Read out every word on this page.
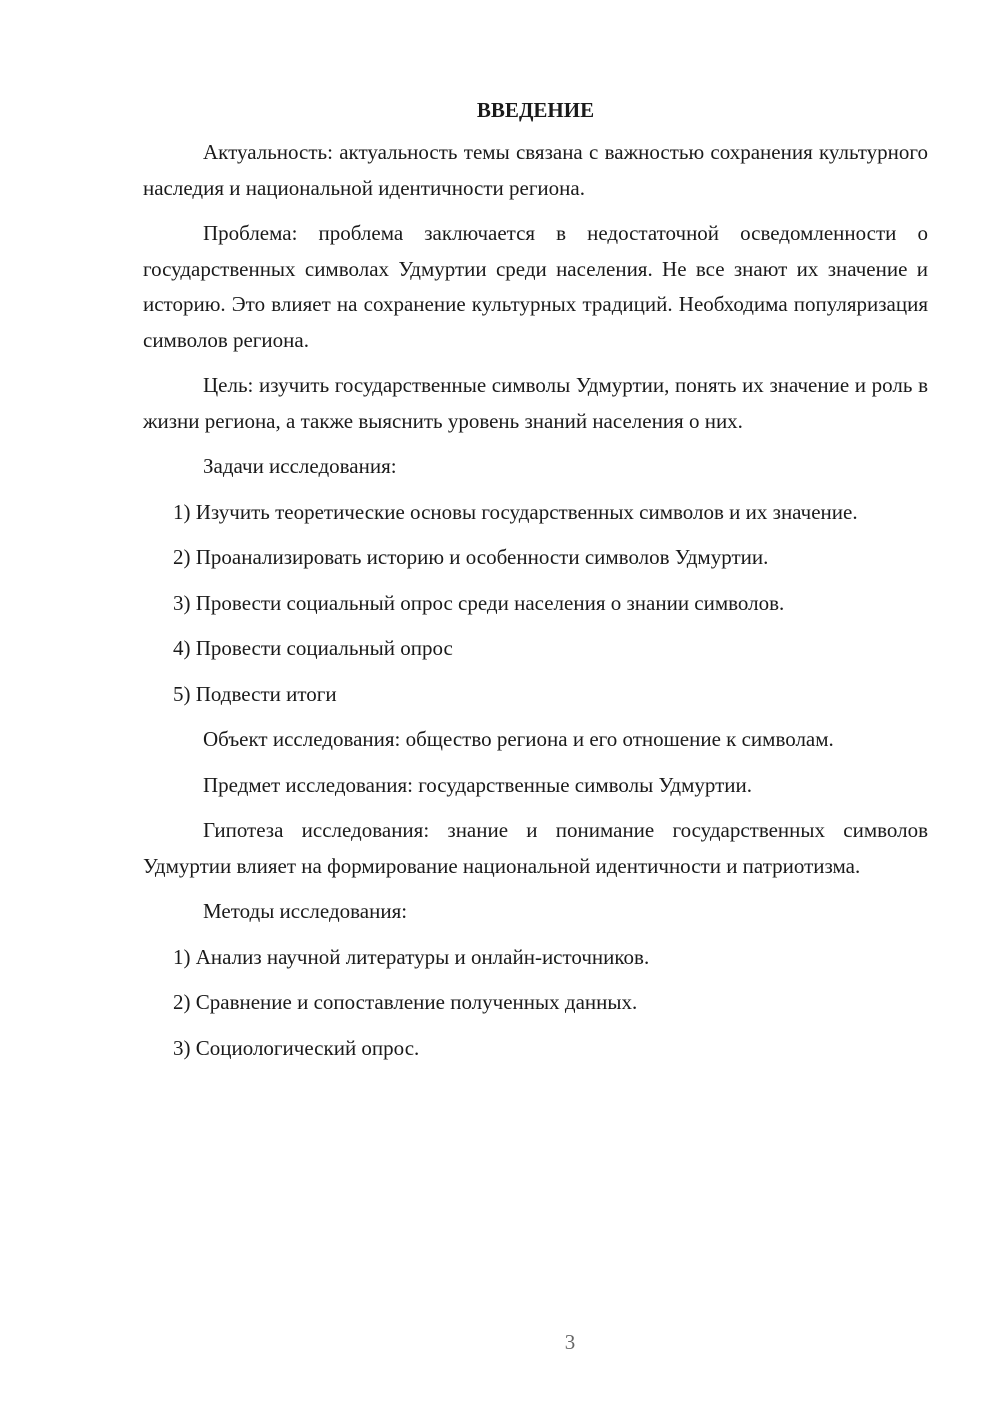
ВВЕДЕНИЕ

Актуальность: актуальность темы связана с важностью сохранения культурного наследия и национальной идентичности региона.

Проблема: проблема заключается в недостаточной осведомленности о государственных символах Удмуртии среди населения. Не все знают их значение и историю. Это влияет на сохранение культурных традиций. Необходима популяризация символов региона.

Цель: изучить государственные символы Удмуртии, понять их значение и роль в жизни региона, а также выяснить уровень знаний населения о них.

Задачи исследования:

1) Изучить теоретические основы государственных символов и их значение.

2) Проанализировать историю и особенности символов Удмуртии.

3) Провести социальный опрос среди населения о знании символов.

4) Провести социальный опрос

5) Подвести итоги

Объект исследования: общество региона и его отношение к символам.

Предмет исследования: государственные символы Удмуртии.

Гипотеза исследования: знание и понимание государственных символов Удмуртии влияет на формирование национальной идентичности и патриотизма.

Методы исследования:

1) Анализ научной литературы и онлайн-источников.

2) Сравнение и сопоставление полученных данных.

3) Социологический опрос.

3
